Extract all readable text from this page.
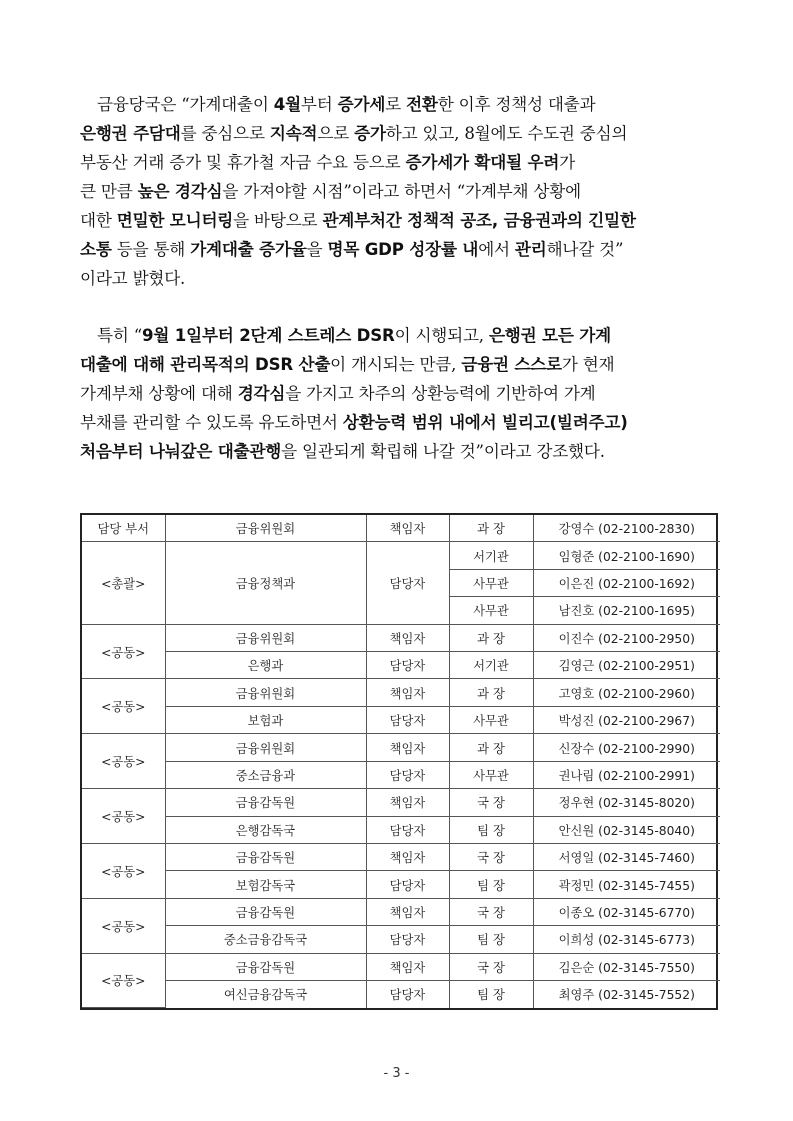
금융당국은 “가계대출이 4월부터 증가세로 전환한 이후 정책성 대출과
은행권 주담대를 중심으로 지속적으로 증가하고 있고, 8월에도 수도권 중심의
부동산 거래 증가 및 휴가철 자금 수요 등으로 증가세가 확대될 우려가
큰 만큼 높은 경각심을 가져야할 시점”이라고 하면서 “가계부채 상황에
대한 면밀한 모니터링을 바탕으로 관계부처간 정책적 공조, 금융권과의 긴밀한
소통 등을 통해 가계대출 증가율을 명목 GDP 성장률 내에서 관리해나갈 것”
이라고 밝혔다.
특히 “9월 1일부터 2단계 스트레스 DSR이 시행되고, 은행권 모든 가계
대출에 대해 관리목적의 DSR 산출이 개시되는 만큼, 금융권 스스로가 현재
가계부채 상황에 대해 경각심을 가지고 차주의 상환능력에 기반하여 가계
부채를 관리할 수 있도록 유도하면서 상환능력 범위 내에서 빌리고(빌려주고)
처음부터 나눠갚은 대출관행을 일관되게 확립해 나갈 것”이라고 강조했다.
담당 부서	금융위원회	책임자	과 장	강영수 (02-2100-2830)
<총괄>	금융정책과	담당자	서기관	임형준 (02-2100-1690)
			사무관	이은진 (02-2100-1692)
			사무관	남진호 (02-2100-1695)
<공동>	금융위원회	책임자	과 장	이진수 (02-2100-2950)
	은행과	담당자	서기관	김영근 (02-2100-2951)
<공동>	금융위원회	책임자	과 장	고영호 (02-2100-2960)
	보험과	담당자	사무관	박성진 (02-2100-2967)
<공동>	금융위원회	책임자	과 장	신장수 (02-2100-2990)
	중소금융과	담당자	사무관	권나림 (02-2100-2991)
<공동>	금융감독원	책임자	국 장	정우현 (02-3145-8020)
	은행감독국	담당자	팀 장	안신원 (02-3145-8040)
<공동>	금융감독원	책임자	국 장	서영일 (02-3145-7460)
	보험감독국	담당자	팀 장	곽정민 (02-3145-7455)
<공동>	금융감독원	책임자	국 장	이종오 (02-3145-6770)
	중소금융감독국	담당자	팀 장	이희성 (02-3145-6773)
<공동>	금융감독원	책임자	국 장	김은순 (02-3145-7550)
	여신금융감독국	담당자	팀 장	최영주 (02-3145-7552)
- 3 -
